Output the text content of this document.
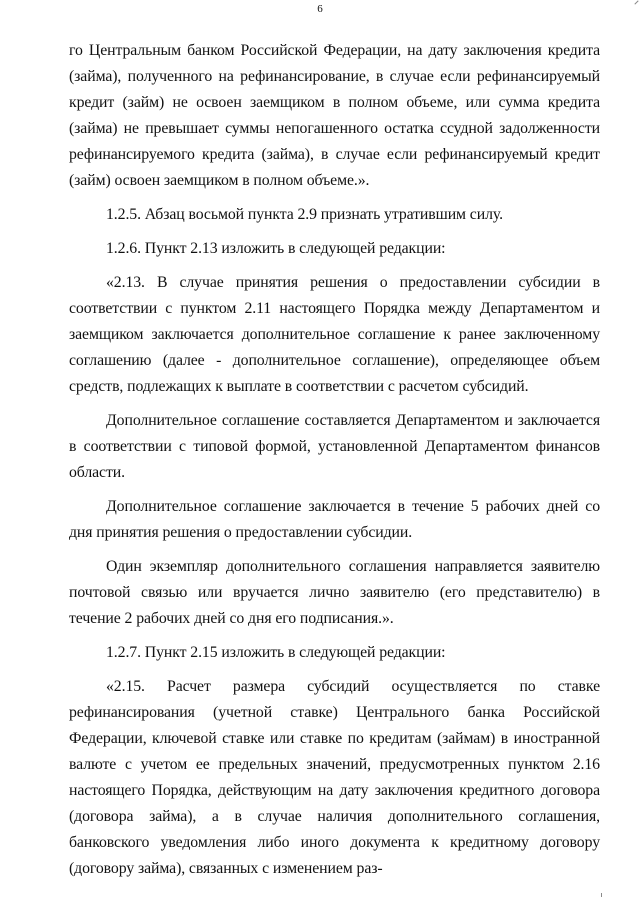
6

го Центральным банком Российской Федерации, на дату заключения кредита (займа), полученного на рефинансирование, в случае если рефинансируемый кредит (займ) не освоен заемщиком в полном объеме, или сумма кредита (займа) не превышает суммы непогашенного остатка ссудной задолженности рефинансируемого кредита (займа), в случае если рефинансируемый кредит (займ) освоен заемщиком в полном объеме.».

1.2.5. Абзац восьмой пункта 2.9 признать утратившим силу.

1.2.6. Пункт 2.13 изложить в следующей редакции:

«2.13. В случае принятия решения о предоставлении субсидии в соответствии с пунктом 2.11 настоящего Порядка между Департаментом и заемщиком заключается дополнительное соглашение к ранее заключенному соглашению (далее - дополнительное соглашение), определяющее объем средств, подлежащих к выплате в соответствии с расчетом субсидий.

Дополнительное соглашение составляется Департаментом и заключается в соответствии с типовой формой, установленной Департаментом финансов области.

Дополнительное соглашение заключается в течение 5 рабочих дней со дня принятия решения о предоставлении субсидии.

Один экземпляр дополнительного соглашения направляется заявителю почтовой связью или вручается лично заявителю (его представителю) в течение 2 рабочих дней со дня его подписания.».

1.2.7. Пункт 2.15 изложить в следующей редакции:

«2.15. Расчет размера субсидий осуществляется по ставке рефинансирования (учетной ставке) Центрального банка Российской Федерации, ключевой ставке или ставке по кредитам (займам) в иностранной валюте с учетом ее предельных значений, предусмотренных пунктом 2.16 настоящего Порядка, действующим на дату заключения кредитного договора (договора займа), а в случае наличия дополнительного соглашения, банковского уведомления либо иного документа к кредитному договору (договору займа), связанных с изменением раз-
